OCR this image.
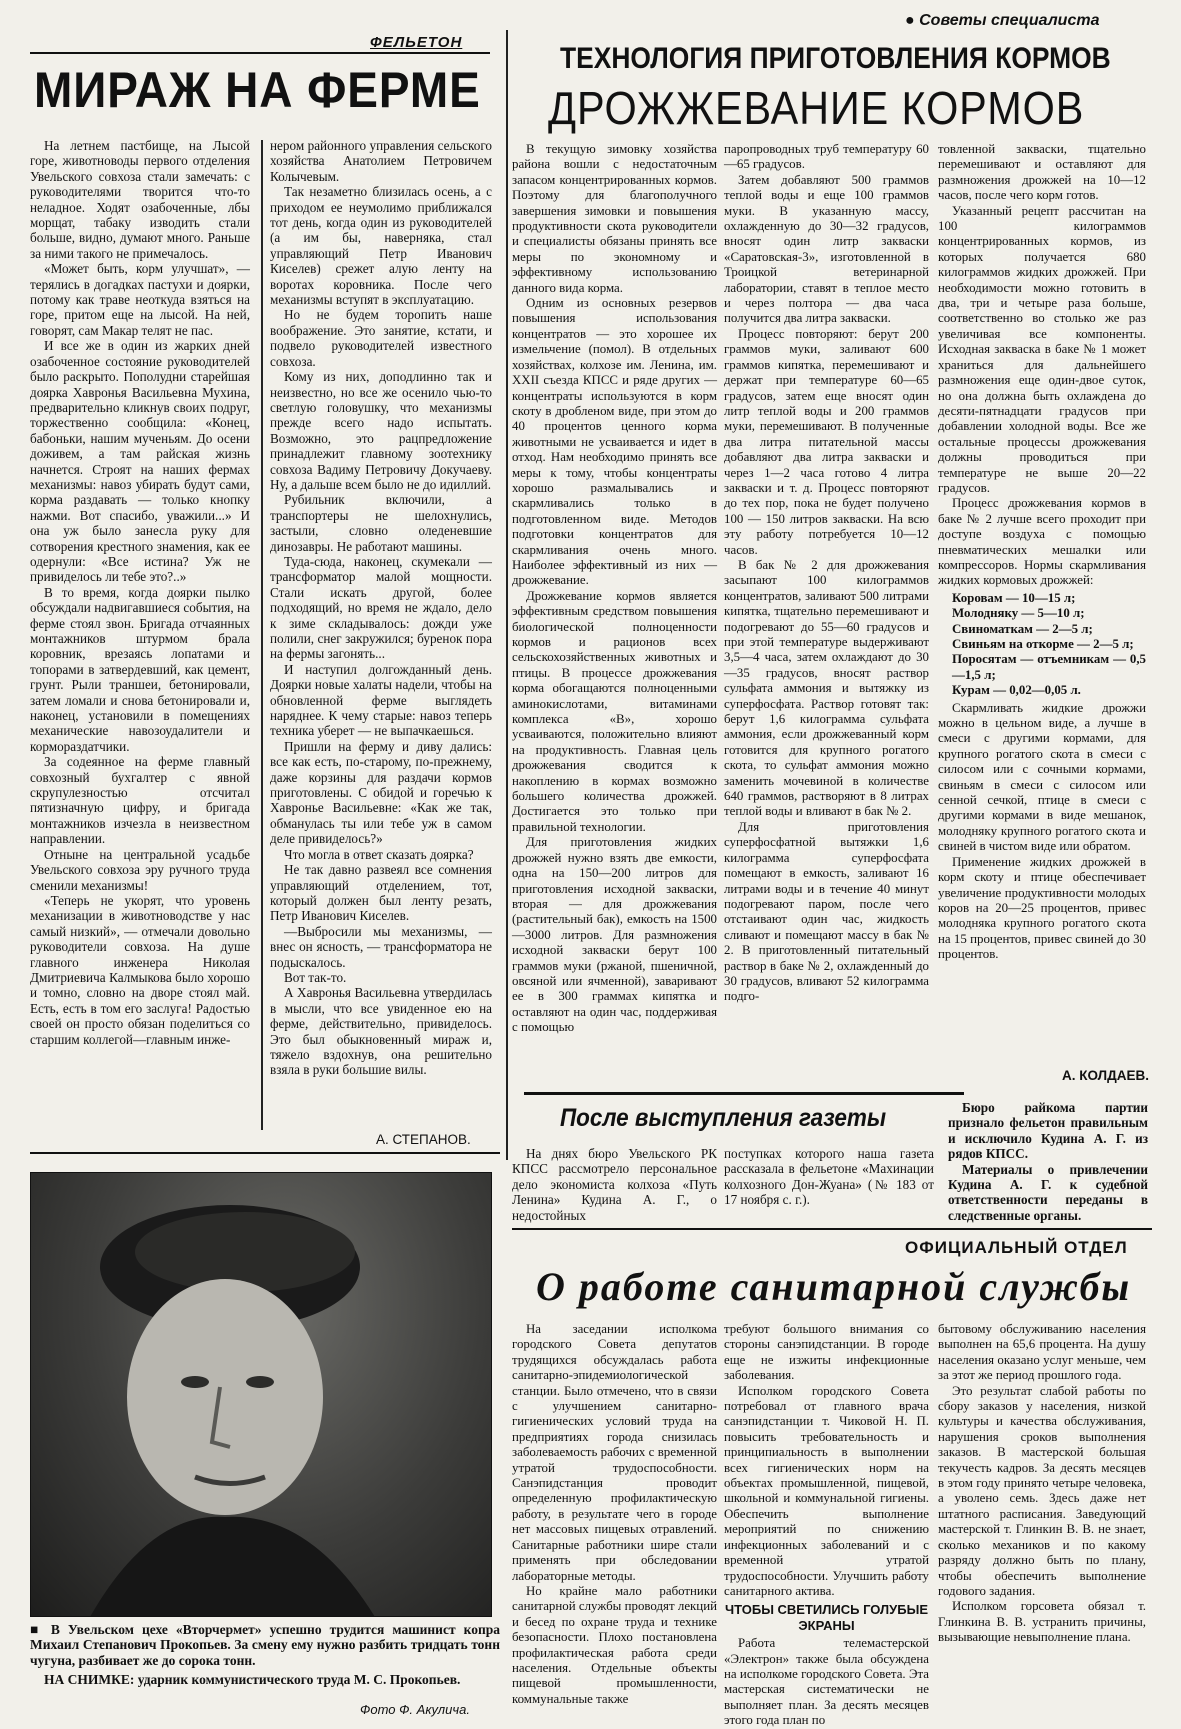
● Советы специалиста
ФЕЛЬЕТОН
МИРАЖ НА ФЕРМЕ

На летнем пастбище, на Лысой горе, животноводы первого отделения Увельского совхоза стали замечать: с руководителями творится что-то неладное. Ходят озабоченные, лбы морщат, табаку изводить стали больше, видно, думают много. Раньше за ними такого не примечалось.

«Может быть, корм улучшат», — терялись в догадках пастухи и доярки, потому как траве неоткуда взяться на горе, притом еще на лысой. На ней, говорят, сам Макар телят не пас.

И все же в один из жарких дней озабоченное состояние руководителей было раскрыто. Пополудни старейшая доярка Хавронья Васильевна Мухина, предварительно кликнув своих подруг, торжественно сообщила: «Конец, бабоньки, нашим мученьям. До осени доживем, а там райская жизнь начнется. Строят на наших фермах механизмы: навоз убирать будут сами, корма раздавать — только кнопку нажми. Вот спасибо, уважили...» И она уж было занесла руку для сотворения крестного знамения, как ее одернули: «Все истина? Уж не привиделось ли тебе это?..»

В то время, когда доярки пылко обсуждали надвигавшиеся события, на ферме стоял звон. Бригада отчаянных монтажников штурмом брала коровник, врезаясь лопатами и топорами в затвердевший, как цемент, грунт. Рыли траншеи, бетонировали, затем ломали и снова бетонировали и, наконец, установили в помещениях механические навозоудалители и кормораздатчики.

За содеянное на ферме главный совхозный бухгалтер с явной скрупулезностью отсчитал пятизначную цифру, и бригада монтажников изчезла в неизвестном направлении.

Отныне на центральной усадьбе Увельского совхоза эру ручного труда сменили механизмы!

«Теперь не укорят, что уровень механизации в животноводстве у нас самый низкий», — отмечали довольно руководители совхоза. На душе главного инженера Николая Дмитриевича Калмыкова было хорошо и томно, словно на дворе стоял май. Есть, есть в том его заслуга! Радостью своей он просто обязан поделиться со старшим коллегой—главным инже-

нером районного управления сельского хозяйства Анатолием Петровичем Колычевым.

Так незаметно близилась осень, а с приходом ее неумолимо приближался тот день, когда один из руководителей (а им бы, наверняка, стал управляющий Петр Иванович Киселев) срежет алую ленту на воротах коровника. После чего механизмы вступят в эксплуатацию.

Но не будем торопить наше воображение. Это занятие, кстати, и подвело руководителей известного совхоза.

Кому из них, доподлинно так и неизвестно, но все же осенило чью-то светлую головушку, что механизмы прежде всего надо испытать. Возможно, это рацпредложение принадлежит главному зоотехнику совхоза Вадиму Петровичу Докучаеву. Ну, а дальше всем было не до идиллий.

Рубильник включили, а транспортеры не шелохнулись, застыли, словно оледеневшие динозавры. Не работают машины.

Туда-сюда, наконец, скумекали — трансформатор малой мощности. Стали искать другой, более подходящий, но время не ждало, дело к зиме складывалось: дожди уже полили, снег закружился; буренок пора на фермы загонять...

И наступил долгожданный день. Доярки новые халаты надели, чтобы на обновленной ферме выглядеть наряднее. К чему старые: навоз теперь техника уберет — не выпачкаешься.

Пришли на ферму и диву дались: все как есть, по-старому, по-прежнему, даже корзины для раздачи кормов приготовлены. С обидой и горечью к Хавронье Васильевне: «Как же так, обманулась ты или тебе уж в самом деле привиделось?»

Что могла в ответ сказать доярка?

Не так давно развеял все сомнения управляющий отделением, тот, который должен был ленту резать, Петр Иванович Киселев.

—Выбросили мы механизмы, — внес он ясность, — трансформатора не подыскалось.

Вот так-то.

А Хавронья Васильевна утвердилась в мысли, что все увиденное ею на ферме, действительно, привиделось. Это был обыкновенный мираж и, тяжело вздохнув, она решительно взяла в руки большие вилы.

А. СТЕПАНОВ.
ТЕХНОЛОГИЯ ПРИГОТОВЛЕНИЯ КОРМОВ
ДРОЖЖЕВАНИЕ КОРМОВ

В текущую зимовку хозяйства района вошли с недостаточным запасом концентрированных кормов. Поэтому для благополучного завершения зимовки и повышения продуктивности скота руководители и специалисты обязаны принять все меры по экономному и эффективному использованию данного вида корма.

Одним из основных резервов повышения использования концентратов — это хорошее их измельчение (помол). В отдельных хозяйствах, колхозе им. Ленина, им. XXII съезда КПСС и ряде других — концентраты используются в корм скоту в дробленом виде, при этом до 40 процентов ценного корма животными не усваивается и идет в отход. Нам необходимо принять все меры к тому, чтобы концентраты хорошо размалывались и скармливались только в подготовленном виде. Методов подготовки концентратов для скармливания очень много. Наиболее эффективный из них — дрожжевание.

Дрожжевание кормов является эффективным средством повышения биологической полноценности кормов и рационов всех сельскохозяйственных животных и птицы. В процессе дрожжевания корма обогащаются полноценными аминокислотами, витаминами комплекса «В», хорошо усваиваются, положительно влияют на продуктивность. Главная цель дрожжевания сводится к накоплению в кормах возможно большего количества дрожжей. Достигается это только при правильной технологии.

Для приготовления жидких дрожжей нужно взять две емкости, одна на 150—200 литров для приготовления исходной закваски, вторая — для дрожжевания (растительный бак), емкость на 1500—3000 литров. Для размножения исходной закваски берут 100 граммов муки (ржаной, пшеничной, овсяной или ячменной), заваривают ее в 300 граммах кипятка и оставляют на один час, поддерживая с помощью

паропроводных труб температуру 60—65 градусов.

Затем добавляют 500 граммов теплой воды и еще 100 граммов муки. В указанную массу, охлажденную до 30—32 градусов, вносят один литр закваски «Саратовская-3», изготовленной в Троицкой ветеринарной лаборатории, ставят в теплое место и через полтора — два часа получится два литра закваски.

Процесс повторяют: берут 200 граммов муки, заливают 600 граммов кипятка, перемешивают и держат при температуре 60—65 градусов, затем еще вносят один литр теплой воды и 200 граммов муки, перемешивают. В полученные два литра питательной массы добавляют два литра закваски и через 1—2 часа готово 4 литра закваски и т. д. Процесс повторяют до тех пор, пока не будет получено 100 — 150 литров закваски. На всю эту работу потребуется 10—12 часов.

В бак № 2 для дрожжевания засыпают 100 килограммов концентратов, заливают 500 литрами кипятка, тщательно перемешивают и подогревают до 55—60 градусов и при этой температуре выдерживают 3,5—4 часа, затем охлаждают до 30—35 градусов, вносят раствор сульфата аммония и вытяжку из суперфосфата. Раствор готовят так: берут 1,6 килограмма сульфата аммония, если дрожжеванный корм готовится для крупного рогатого скота, то сульфат аммония можно заменить мочевиной в количестве 640 граммов, растворяют в 8 литрах теплой воды и вливают в бак № 2.

Для приготовления суперфосфатной вытяжки 1,6 килограмма суперфосфата помещают в емкость, заливают 16 литрами воды и в течение 40 минут подогревают паром, после чего отстаивают один час, жидкость сливают и помещают массу в бак № 2. В приготовленный питательный раствор в баке № 2, охлажденный до 30 градусов, вливают 52 килограмма подго-

товленной закваски, тщательно перемешивают и оставляют для размножения дрожжей на 10—12 часов, после чего корм готов.

Указанный рецепт рассчитан на 100 килограммов концентрированных кормов, из которых получается 680 килограммов жидких дрожжей. При необходимости можно готовить в два, три и четыре раза больше, соответственно во столько же раз увеличивая все компоненты. Исходная закваска в баке № 1 может храниться для дальнейшего размножения еще один-двое суток, но она должна быть охлаждена до десяти-пятнадцати градусов при добавлении холодной воды. Все же остальные процессы дрожжевания должны проводиться при температуре не выше 20—22 градусов.

Процесс дрожжевания кормов в баке № 2 лучше всего проходит при доступе воздуха с помощью пневматических мешалки или компрессоров. Нормы скармливания жидких кормовых дрожжей:

Коровам — 10—15 л;
Молодняку — 5—10 л;
Свиноматкам — 2—5 л;
Свиньям на откорме — 2—5 л;
Поросятам — отъемникам — 0,5—1,5 л;
Курам — 0,02—0,05 л.

Скармливать жидкие дрожжи можно в цельном виде, а лучше в смеси с другими кормами, для крупного рогатого скота в смеси с силосом или с сочными кормами, свиньям в смеси с силосом или сенной сечкой, птице в смеси с другими кормами в виде мешанок, молоднякy крупного рогатого скота и свиней в чистом виде или обратом.

Применение жидких дрожжей в корм скоту и птице обеспечивает увеличение продуктивности молодых коров на 20—25 процентов, привес молодняка крупного рогатого скота на 15 процентов, привес свиней до 30 процентов.

А. КОЛДАЕВ.
После выступления газеты

На днях бюро Увельского РК КПСС рассмотрело персональное дело экономиста колхоза «Путь Ленина» Кудина А. Г., о недостойных

поступках которого наша газета рассказала в фельетоне «Махинации колхозного Дон-Жуана» (№ 183 от 17 ноября с. г.).

Бюро райкома партии признало фельетон правильным и исключило Кудина А. Г. из рядов КПСС.

Материалы о привлечении Кудина А. Г. к судебной ответственности переданы в следственные органы.

■ В Увельском цехе «Вторчермет» успешно трудится машинист копра Михаил Степанович Прокопьев. За смену ему нужно разбить тридцать тонн чугуна, разбивает же до сорока тонн.

НА СНИМКЕ: ударник коммунистического труда М. С. Прокопьев.

Фото Ф. Акулича.
ОФИЦИАЛЬНЫЙ ОТДЕЛ
О работе санитарной службы

На заседании исполкома городского Совета депутатов трудящихся обсуждалась работа санитарно-эпидемиологической станции. Было отмечено, что в связи с улучшением санитарно-гигиенических условий труда на предприятиях города снизилась заболеваемость рабочих с временной утратой трудоспособности. Санэпидстанция проводит определенную профилактическую работу, в результате чего в городе нет массовых пищевых отравлений. Санитарные работники шире стали применять при обследовании лабораторные методы.

Но крайне мало работники санитарной службы проводят лекций и бесед по охране труда и технике безопасности. Плохо постановлена профилактическая работа среди населения. Отдельные объекты пищевой промышленности, коммунальные также

требуют большого внимания со стороны санэпидстанции. В городе еще не изжиты инфекционные заболевания.

Исполком городского Совета потребовал от главного врача санэпидстанции т. Чиковой Н. П. повысить требовательность и принципиальность в выполнении всех гигиенических норм на объектах промышленной, пищевой, школьной и коммунальной гигиены. Обеспечить выполнение мероприятий по снижению инфекционных заболеваний и с временной утратой трудоспособности. Улучшить работу санитарного актива.

ЧТОБЫ СВЕТИЛИСЬ ГОЛУБЫЕ ЭКРАНЫ

Работа телемастерской «Электрон» также была обсуждена на исполкоме городского Совета. Эта мастерская систематически не выполняет план. За десять месяцев этого года план по

бытовому обслуживанию населения выполнен на 65,6 процента. На душу населения оказано услуг меньше, чем за этот же период прошлого года.

Это результат слабой работы по сбору заказов у населения, низкой культуры и качества обслуживания, нарушения сроков выполнения заказов. В мастерской большая текучесть кадров. За десять месяцев в этом году принято четыре человека, а уволено семь. Здесь даже нет штатного расписания. Заведующий мастерской т. Глинкин В. В. не знает, сколько механиков и по какому разряду должно быть по плану, чтобы обеспечить выполнение годового задания.

Исполком горсовета обязал т. Глинкина В. В. устранить причины, вызывающие невыполнение плана.
